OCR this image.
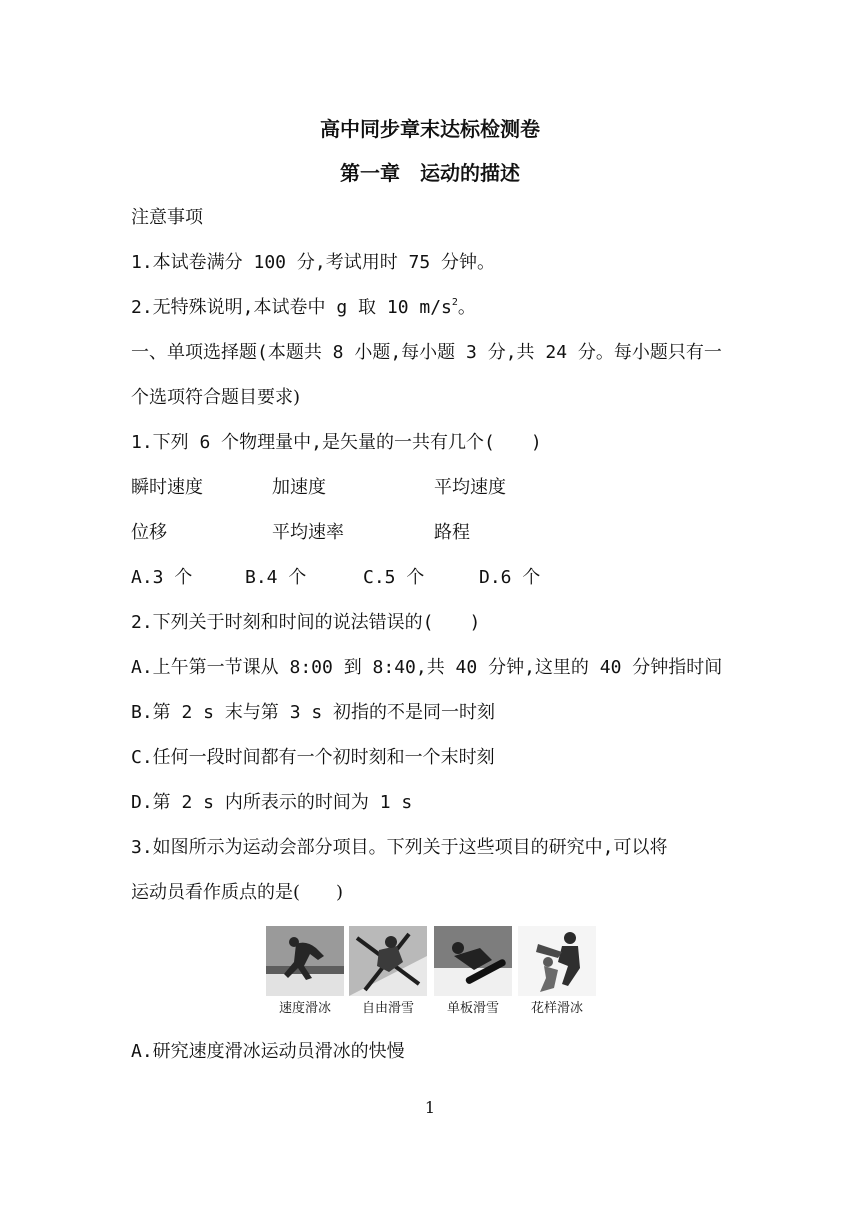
高中同步章末达标检测卷
第一章　运动的描述
注意事项
1.本试卷满分 100 分,考试用时 75 分钟。
2.无特殊说明,本试卷中 g 取 10 $m/s^2$。
一、单项选择题(本题共 8 小题,每小题 3 分,共 24 分。每小题只有一
个选项符合题目要求)
1.下列 6 个物理量中,是矢量的一共有几个(　　)
瞬时速度	加速度	平均速度
位移	平均速率	路程
A.3 个	B.4 个	C.5 个	D.6 个
2.下列关于时刻和时间的说法错误的(　　)
A.上午第一节课从 8:00 到 8:40,共 40 分钟,这里的 40 分钟指时间
B.第 2 s 末与第 3 s 初指的不是同一时刻
C.任何一段时间都有一个初时刻和一个末时刻
D.第 2 s 内所表示的时间为 1 s
3.如图所示为运动会部分项目。下列关于这些项目的研究中,可以将
运动员看作质点的是(　　)
速度滑冰	自由滑雪	单板滑雪	花样滑冰
A.研究速度滑冰运动员滑冰的快慢
1
